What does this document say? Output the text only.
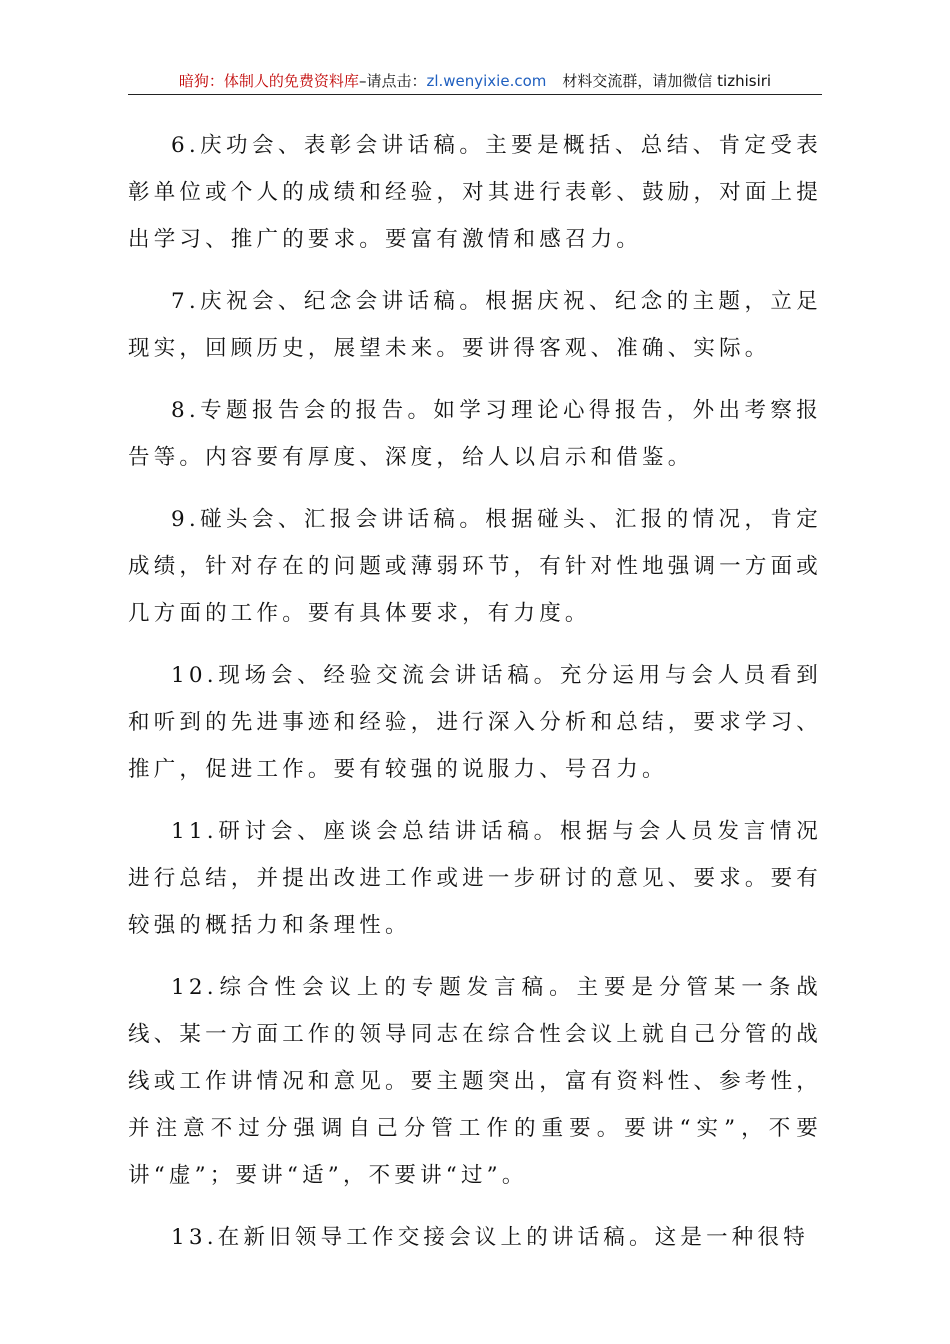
暗狗：体制人的免费资料库–请点击：zl.wenyixie.com 材料交流群，请加微信 tizhisiri

6.庆功会、表彰会讲话稿。主要是概括、总结、肯定受表彰单位或个人的成绩和经验，对其进行表彰、鼓励，对面上提出学习、推广的要求。要富有激情和感召力。

7.庆祝会、纪念会讲话稿。根据庆祝、纪念的主题，立足现实，回顾历史，展望未来。要讲得客观、准确、实际。

8.专题报告会的报告。如学习理论心得报告，外出考察报告等。内容要有厚度、深度，给人以启示和借鉴。

9.碰头会、汇报会讲话稿。根据碰头、汇报的情况，肯定成绩，针对存在的问题或薄弱环节，有针对性地强调一方面或几方面的工作。要有具体要求，有力度。

10.现场会、经验交流会讲话稿。充分运用与会人员看到和听到的先进事迹和经验，进行深入分析和总结，要求学习、推广，促进工作。要有较强的说服力、号召力。

11.研讨会、座谈会总结讲话稿。根据与会人员发言情况进行总结，并提出改进工作或进一步研讨的意见、要求。要有较强的概括力和条理性。

12.综合性会议上的专题发言稿。主要是分管某一条战线、某一方面工作的领导同志在综合性会议上就自己分管的战线或工作讲情况和意见。要主题突出，富有资料性、参考性，并注意不过分强调自己分管工作的重要。要讲“实”，不要讲“虚”；要讲“适”，不要讲“过”。

13.在新旧领导工作交接会议上的讲话稿。这是一种很特
